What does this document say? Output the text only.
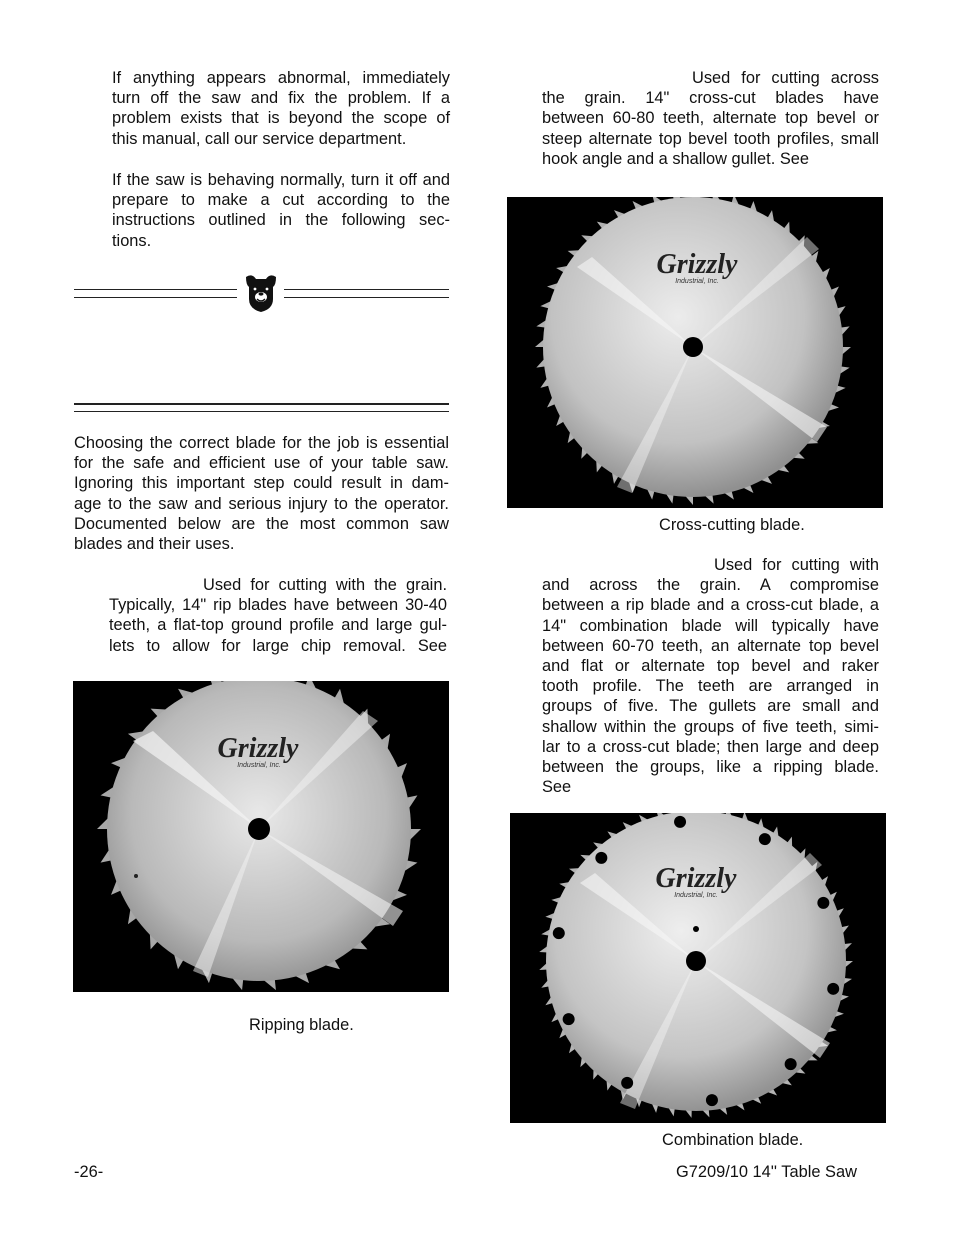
If anything appears abnormal, immediately
turn off the saw and fix the problem. If a
problem exists that is beyond the scope of
this manual, call our service department.
If the saw is behaving normally, turn it off and
prepare to make a cut according to the
instructions outlined in the following sec-
tions.
Choosing the correct blade for the job is essential
for the safe and efficient use of your table saw.
Ignoring this important step could result in dam-
age to the saw and serious injury to the operator.
Documented below are the most common saw
blades and their uses.
Used for cutting with the grain.
Typically, 14" rip blades have between 30-40
teeth, a flat-top ground profile and large gul-
lets to allow for large chip removal. See
Grizzly
Industrial, Inc.

Ripping blade.

Used for cutting across
the grain. 14" cross-cut blades have
between 60-80 teeth, alternate top bevel or
steep alternate top bevel tooth profiles, small
hook angle and a shallow gullet. See
Grizzly
Industrial, Inc.

Cross-cutting blade.

Used for cutting with
and across the grain. A compromise
between a rip blade and a cross-cut blade, a
14" combination blade will typically have
between 60-70 teeth, an alternate top bevel
and flat or alternate top bevel and raker
tooth profile. The teeth are arranged in
groups of five. The gullets are small and
shallow within the groups of five teeth, simi-
lar to a cross-cut blade; then large and deep
between the groups, like a ripping blade.
See
Grizzly
Industrial, Inc.

Combination blade.

-26-	G7209/10 14'' Table Saw
